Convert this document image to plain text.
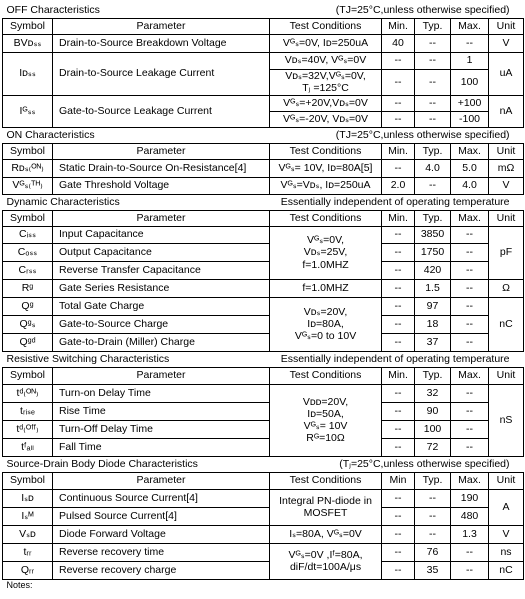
OFF Characteristics		(TJ=25°C,unless otherwise specified)				
Symbol	Parameter	Test Conditions	Min.	Typ.	Max.	Unit
BVᴅₛₛ	Drain-to-Source Breakdown Voltage	Vᴳₛ=0V, Iᴅ=250uA	40	--	--	V
Iᴅₛₛ	Drain-to-Source Leakage Current	Vᴅₛ=40V, Vᴳₛ=0V	--	--	1	uA
		Vᴅₛ=32V,Vᴳₛ=0V,
Tⱼ =125°C	--	--	100	
Iᴳₛₛ	Gate-to-Source Leakage Current	Vᴳₛ=+20V,Vᴅₛ=0V	--	--	+100	nA
		Vᴳₛ=-20V, Vᴅₛ=0V	--	--	-100	
ON Characteristics		(TJ=25°C,unless otherwise specified)				
Symbol	Parameter	Test Conditions	Min.	Typ.	Max.	Unit
Rᴅₛ₍ᴼᴺ₎	Static Drain-to-Source On-Resistance[4]	Vᴳₛ= 10V, Iᴅ=80A[5]	--	4.0	5.0	mΩ
Vᴳₛ₍ᵀᴴ₎	Gate Threshold Voltage	Vᴳₛ=Vᴅₛ, Iᴅ=250uA	2.0	--	4.0	V
Dynamic Characteristics		Essentially independent of operating temperature				
Symbol	Parameter	Test Conditions	Min.	Typ.	Max.	Unit
Cᵢₛₛ	Input Capacitance	Vᴳₛ=0V,
Vᴅₛ=25V,
f=1.0MHZ	--	3850	--	pF
Cₒₛₛ	Output Capacitance		--	1750	--	
Cᵣₛₛ	Reverse Transfer Capacitance		--	420	--	
Rᵍ	Gate Series Resistance	f=1.0MHZ	--	1.5	--	Ω
Qᵍ	Total Gate Charge	Vᴅₛ=20V,
Iᴅ=80A,
Vᴳₛ=0 to 10V	--	97	--	nC
Qᵍₛ	Gate-to-Source Charge		--	18	--	
Qᵍᵈ	Gate-to-Drain (Miller) Charge		--	37	--	
Resistive Switching Characteristics		Essentially independent of operating temperature				
Symbol	Parameter	Test Conditions	Min.	Typ.	Max.	Unit
tᵈ₍ᴼᴺ₎	Turn-on Delay Time	Vᴅᴅ=20V,
Iᴅ=50A,
Vᴳₛ= 10V
Rᴳ=10Ω	--	32	--	nS
tᵣᵢₛₑ	Rise Time		--	90	--	
tᵈ₍ᴼᶠᶠ₎	Turn-Off Delay Time		--	100	--	
tᶠₐₗₗ	Fall Time		--	72	--	
Source-Drain Body Diode Characteristics		(Tⱼ=25°C,unless otherwise specified)				
Symbol	Parameter	Test Conditions	Min	Typ.	Max.	Unit
Iₛᴅ	Continuous Source Current[4]	Integral PN-diode in
MOSFET	--	--	190	A
Iₛᴹ	Pulsed Source Current[4]		--	--	480	
Vₛᴅ	Diode Forward Voltage	Iₛ=80A, Vᴳₛ=0V	--	--	1.3	V
tᵣᵣ	Reverse recovery time	Vᴳₛ=0V ,Iᶠ=80A,
diF/dt=100A/μs	--	76	--	ns
Qᵣᵣ	Reverse recovery charge		--	35	--	nC
Notes:						
